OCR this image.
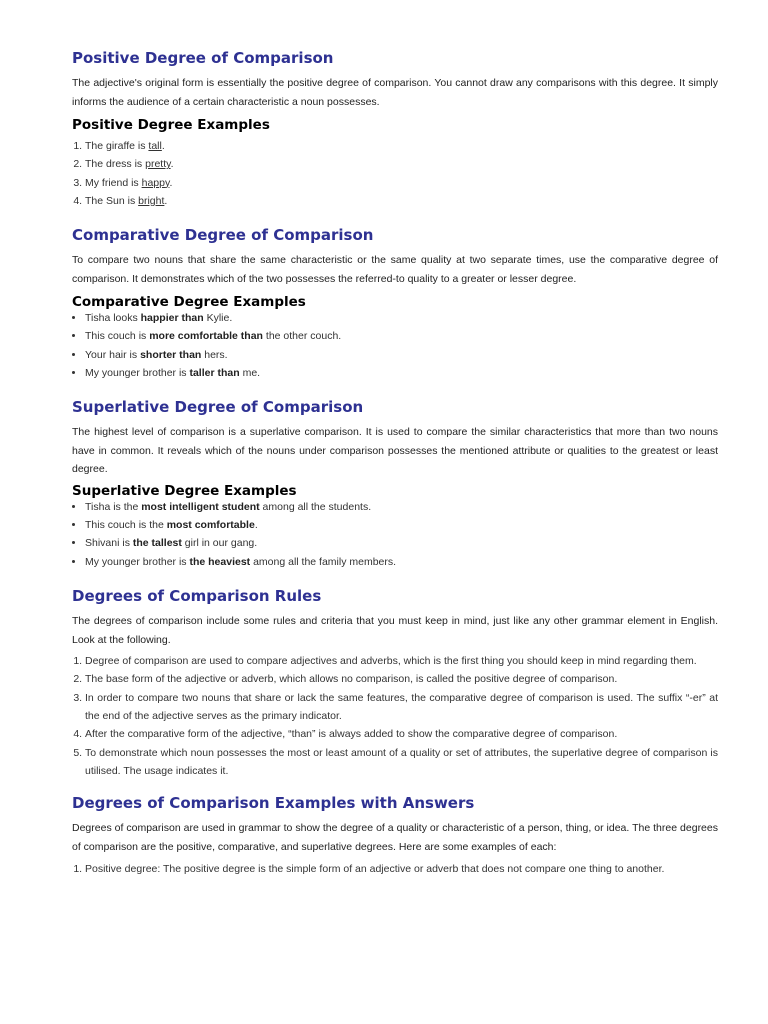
Positive Degree of Comparison

The adjective's original form is essentially the positive degree of comparison. You cannot draw any comparisons with this degree. It simply informs the audience of a certain characteristic a noun possesses.

Positive Degree Examples
1. The giraffe is tall.
2. The dress is pretty.
3. My friend is happy.
4. The Sun is bright.
Comparative Degree of Comparison

To compare two nouns that share the same characteristic or the same quality at two separate times, use the comparative degree of comparison. It demonstrates which of the two possesses the referred-to quality to a greater or lesser degree.

Comparative Degree Examples
• Tisha looks happier than Kylie.
• This couch is more comfortable than the other couch.
• Your hair is shorter than hers.
• My younger brother is taller than me.
Superlative Degree of Comparison

The highest level of comparison is a superlative comparison. It is used to compare the similar characteristics that more than two nouns have in common. It reveals which of the nouns under comparison possesses the mentioned attribute or qualities to the greatest or least degree.

Superlative Degree Examples
• Tisha is the most intelligent student among all the students.
• This couch is the most comfortable.
• Shivani is the tallest girl in our gang.
• My younger brother is the heaviest among all the family members.
Degrees of Comparison Rules

The degrees of comparison include some rules and criteria that you must keep in mind, just like any other grammar element in English. Look at the following.

1. Degree of comparison are used to compare adjectives and adverbs, which is the first thing you should keep in mind regarding them.
2. The base form of the adjective or adverb, which allows no comparison, is called the positive degree of comparison.
3. In order to compare two nouns that share or lack the same features, the comparative degree of comparison is used. The suffix “-er” at the end of the adjective serves as the primary indicator.
4. After the comparative form of the adjective, “than” is always added to show the comparative degree of comparison.
5. To demonstrate which noun possesses the most or least amount of a quality or set of attributes, the superlative degree of comparison is utilised. The usage indicates it.
Degrees of Comparison Examples with Answers

Degrees of comparison are used in grammar to show the degree of a quality or characteristic of a person, thing, or idea. The three degrees of comparison are the positive, comparative, and superlative degrees. Here are some examples of each:

1. Positive degree: The positive degree is the simple form of an adjective or adverb that does not compare one thing to another.
